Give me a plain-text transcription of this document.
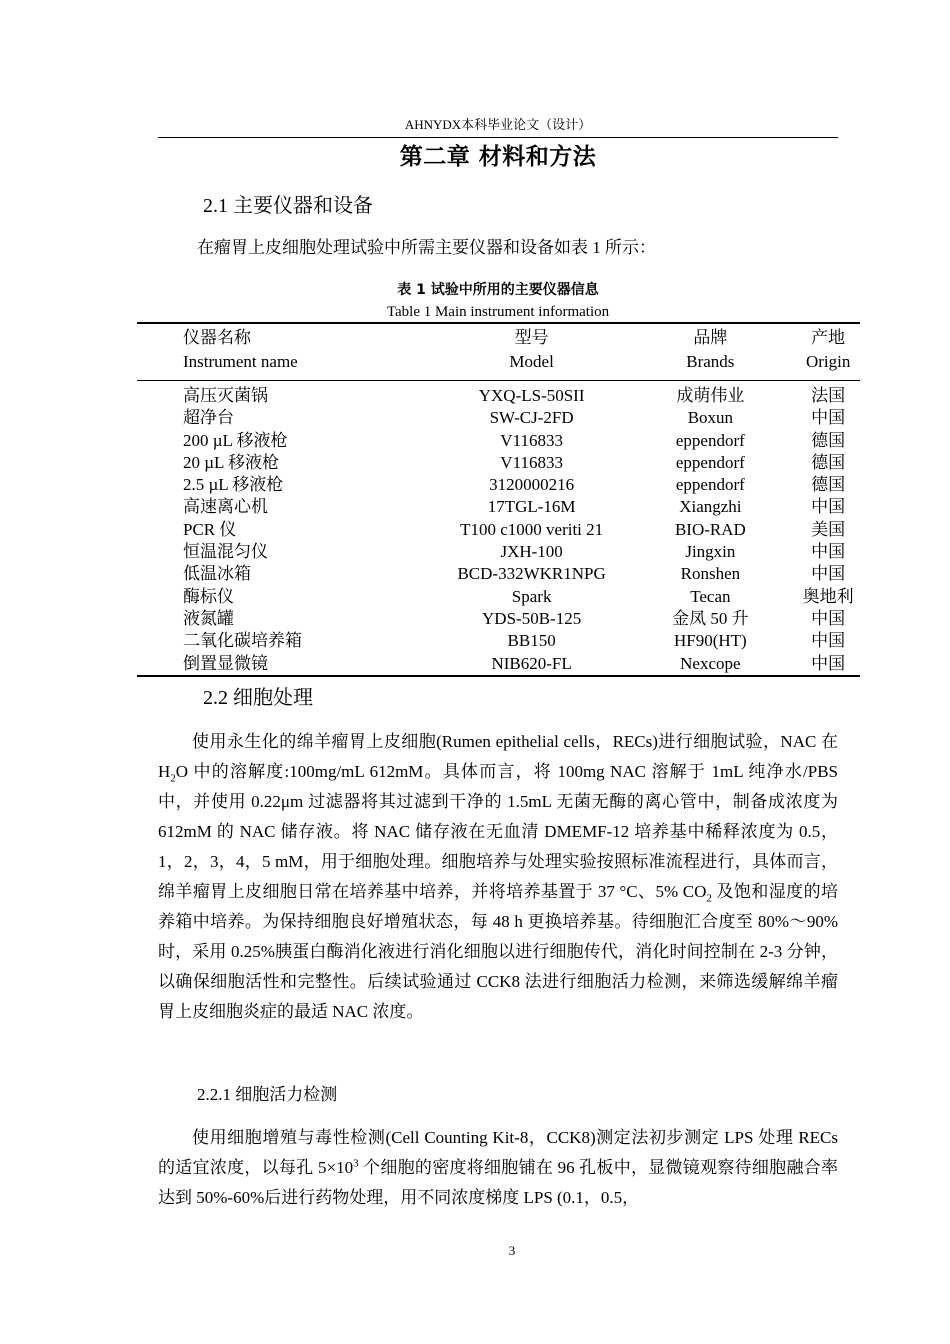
AHNYDX本科毕业论文（设计）
第二章 材料和方法
2.1 主要仪器和设备
在瘤胃上皮细胞处理试验中所需主要仪器和设备如表 1 所示：
表 1 试验中所用的主要仪器信息
Table 1 Main instrument information
仪器名称	型号	品牌	产地
Instrument name	Model	Brands	Origin
高压灭菌锅	YXQ-LS-50SII	成萌伟业	法国
超净台	SW-CJ-2FD	Boxun	中国
200 µL 移液枪	V116833	eppendorf	德国
20 µL 移液枪	V116833	eppendorf	德国
2.5 µL 移液枪	3120000216	eppendorf	德国
高速离心机	17TGL-16M	Xiangzhi	中国
PCR 仪	T100 c1000 veriti 21	BIO-RAD	美国
恒温混匀仪	JXH-100	Jingxin	中国
低温冰箱	BCD-332WKR1NPG	Ronshen	中国
酶标仪	Spark	Tecan	奥地利
液氮罐	YDS-50B-125	金凤 50 升	中国
二氧化碳培养箱	BB150	HF90(HT)	中国
倒置显微镜	NIB620-FL	Nexcope	中国
2.2 细胞处理
使用永生化的绵羊瘤胃上皮细胞(Rumen epithelial cells，RECs)进行细胞试验，NAC 在 $H_2O$ 中的溶解度:100mg/mL 612mM。具体而言，将 100mg NAC 溶解于 1mL 纯净水/PBS 中，并使用 0.22μm 过滤器将其过滤到干净的 1.5mL 无菌无酶的离心管中，制备成浓度为 612mM 的 NAC 储存液。将 NAC 储存液在无血清 DMEMF-12 培养基中稀释浓度为 0.5，1，2，3，4，5 mM，用于细胞处理。细胞培养与处理实验按照标准流程进行，具体而言，绵羊瘤胃上皮细胞日常在培养基中培养，并将培养基置于 37 °C、5% $CO_2$ 及饱和湿度的培养箱中培养。为保持细胞良好增殖状态，每 48 h 更换培养基。待细胞汇合度至 80%～90%时，采用 0.25%胰蛋白酶消化液进行消化细胞以进行细胞传代，消化时间控制在 2-3 分钟，以确保细胞活性和完整性。后续试验通过 CCK8 法进行细胞活力检测，来筛选缓解绵羊瘤胃上皮细胞炎症的最适 NAC 浓度。
2.2.1 细胞活力检测
使用细胞增殖与毒性检测(Cell Counting Kit-8，CCK8)测定法初步测定 LPS 处理 RECs 的适宜浓度，以每孔 $5\times 10^3$ 个细胞的密度将细胞铺在 96 孔板中，显微镜观察待细胞融合率达到 50%-60%后进行药物处理，用不同浓度梯度 LPS (0.1，0.5，
3
